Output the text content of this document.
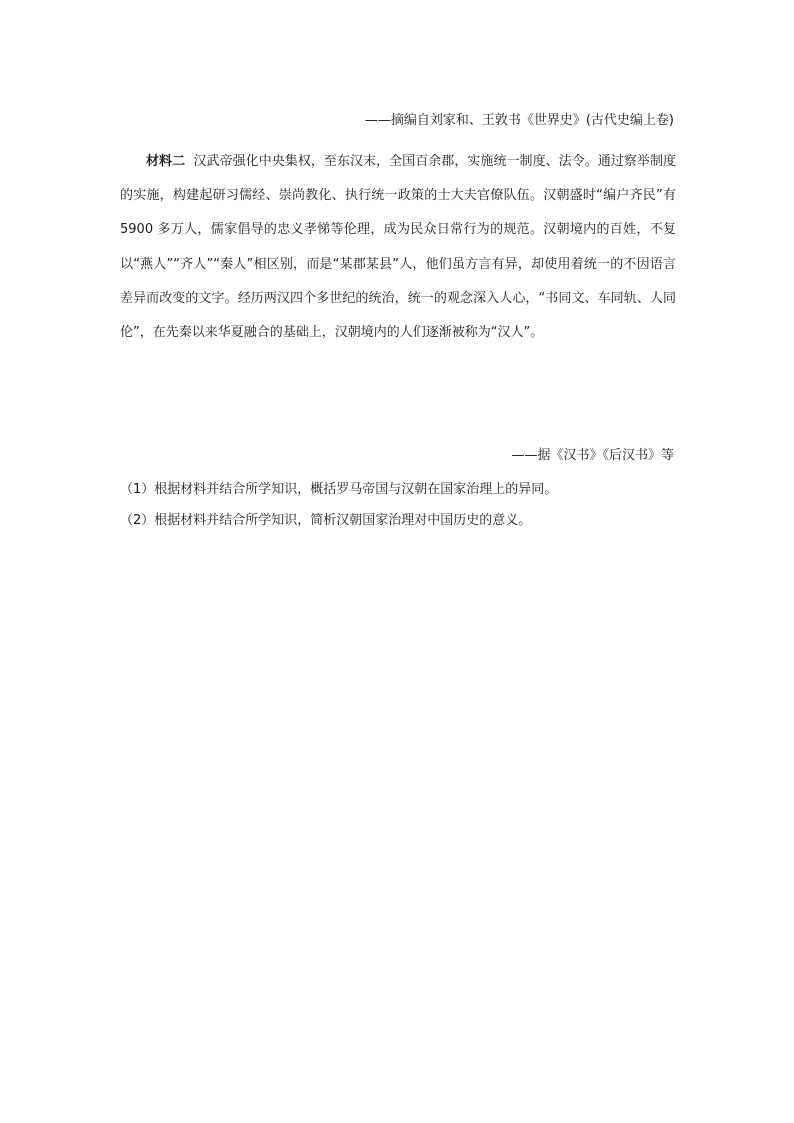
——摘编自刘家和、王敦书《世界史》(古代史编上卷)

材料二 汉武帝强化中央集权，至东汉末，全国百余郡，实施统一制度、法令。通过察举制度的实施，构建起研习儒经、崇尚教化、执行统一政策的士大夫官僚队伍。汉朝盛时“编户齐民”有 5900 多万人，儒家倡导的忠义孝悌等伦理，成为民众日常行为的规范。汉朝境内的百姓，不复以“燕人”“齐人”“秦人”相区别，而是“某郡某县”人，他们虽方言有异，却使用着统一的不因语言差异而改变的文字。经历两汉四个多世纪的统治，统一的观念深入人心，“书同文、车同轨、人同伦”，在先秦以来华夏融合的基础上，汉朝境内的人们逐渐被称为“汉人”。

——据《汉书》《后汉书》等
（1）根据材料并结合所学知识，概括罗马帝国与汉朝在国家治理上的异同。
（2）根据材料并结合所学知识，简析汉朝国家治理对中国历史的意义。
